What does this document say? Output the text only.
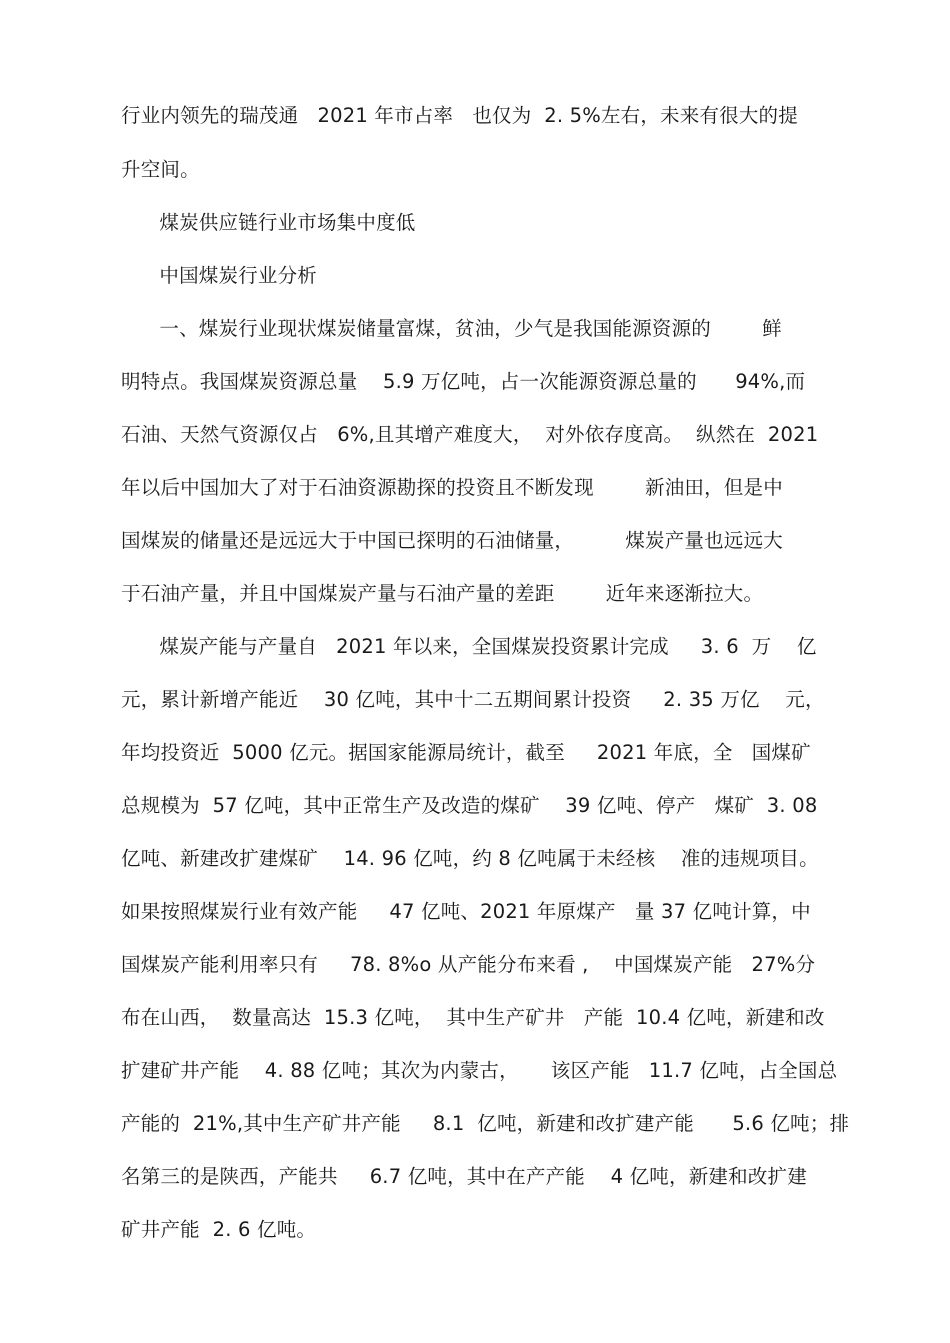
行业内领先的瑞茂通   2021 年市占率   也仅为  2. 5%左右，未来有很大的提

升空间。

煤炭供应链行业市场集中度低

中国煤炭行业分析

一、煤炭行业现状煤炭储量富煤，贫油，少气是我国能源资源的        鲜

明特点。我国煤炭资源总量    5.9 万亿吨，占一次能源资源总量的      94%,而

石油、天然气资源仅占   6%,且其增产难度大，  对外依存度高。  纵然在  2021

年以后中国加大了对于石油资源勘探的投资且不断发现        新油田，但是中

国煤炭的储量还是远远大于中国已探明的石油储量，        煤炭产量也远远大

于石油产量，并且中国煤炭产量与石油产量的差距        近年来逐渐拉大。

煤炭产能与产量自   2021 年以来，全国煤炭投资累计完成     3. 6  万    亿

元，累计新增产能近    30 亿吨，其中十二五期间累计投资     2. 35 万亿    元，

年均投资近  5000 亿元。据国家能源局统计，截至     2021 年底，全   国煤矿

总规模为  57 亿吨，其中正常生产及改造的煤矿    39 亿吨、停产   煤矿  3. 08

亿吨、新建改扩建煤矿    14. 96 亿吨，约 8 亿吨属于未经核    准的违规项目。

如果按照煤炭行业有效产能     47 亿吨、2021 年原煤产   量 37 亿吨计算，中

国煤炭产能利用率只有     78. 8%o 从产能分布来看 ,    中国煤炭产能   27%分

布在山西，  数量高达  15.3 亿吨，  其中生产矿井   产能  10.4 亿吨，新建和改

扩建矿井产能    4. 88 亿吨；其次为内蒙古，     该区产能   11.7 亿吨，占全国总

产能的  21%,其中生产矿井产能     8.1  亿吨，新建和改扩建产能      5.6 亿吨；排

名第三的是陕西，产能共     6.7 亿吨，其中在产产能    4 亿吨，新建和改扩建

矿井产能  2. 6 亿吨。
